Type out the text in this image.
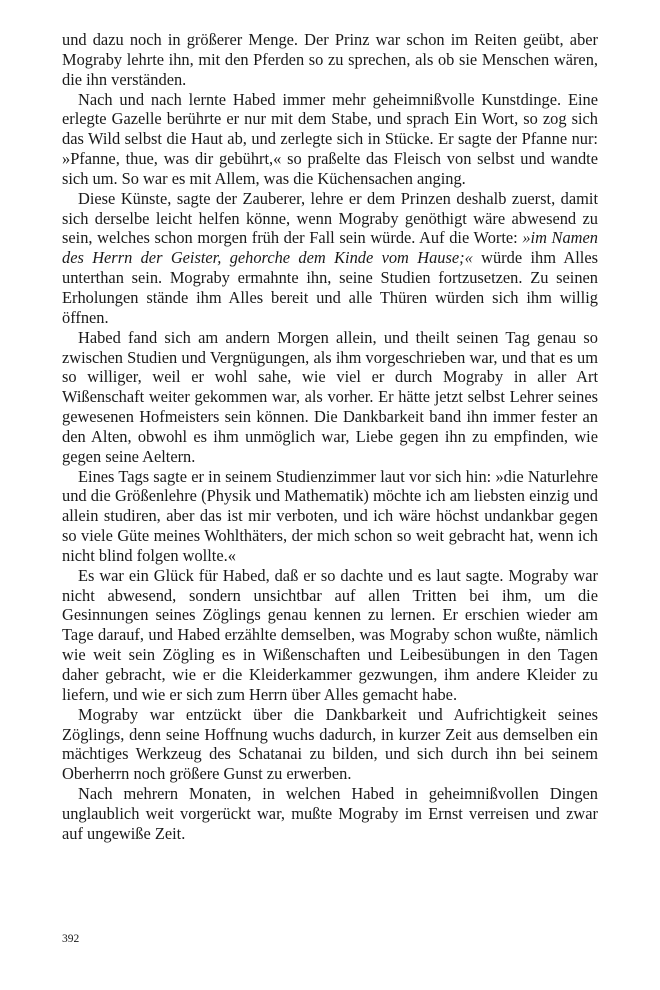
und dazu noch in größerer Menge. Der Prinz war schon im Reiten geübt, aber Mograby lehrte ihn, mit den Pferden so zu sprechen, als ob sie Menschen wären, die ihn verständen.

Nach und nach lernte Habed immer mehr geheimnißvolle Kunstdinge. Eine erlegte Gazelle berührte er nur mit dem Stabe, und sprach Ein Wort, so zog sich das Wild selbst die Haut ab, und zerlegte sich in Stücke. Er sagte der Pfanne nur: »Pfanne, thue, was dir gebührt,« so praßelte das Fleisch von selbst und wandte sich um. So war es mit Allem, was die Küchensachen anging.

Diese Künste, sagte der Zauberer, lehre er dem Prinzen deshalb zuerst, damit sich derselbe leicht helfen könne, wenn Mograby genöthigt wäre abwesend zu sein, welches schon morgen früh der Fall sein würde. Auf die Worte: »im Namen des Herrn der Geister, gehorche dem Kinde vom Hause;« würde ihm Alles unterthan sein. Mograby ermahnte ihn, seine Studien fortzusetzen. Zu seinen Erholungen stände ihm Alles bereit und alle Thüren würden sich ihm willig öffnen.

Habed fand sich am andern Morgen allein, und theilt seinen Tag genau so zwischen Studien und Vergnügungen, als ihm vorgeschrieben war, und that es um so williger, weil er wohl sahe, wie viel er durch Mograby in aller Art Wißenschaft weiter gekommen war, als vorher. Er hätte jetzt selbst Lehrer seines gewesenen Hofmeisters sein können. Die Dankbarkeit band ihn immer fester an den Alten, obwohl es ihm unmöglich war, Liebe gegen ihn zu empfinden, wie gegen seine Aeltern.

Eines Tags sagte er in seinem Studienzimmer laut vor sich hin: »die Naturlehre und die Größenlehre (Physik und Mathematik) möchte ich am liebsten einzig und allein studiren, aber das ist mir verboten, und ich wäre höchst undankbar gegen so viele Güte meines Wohlthäters, der mich schon so weit gebracht hat, wenn ich nicht blind folgen wollte.«

Es war ein Glück für Habed, daß er so dachte und es laut sagte. Mograby war nicht abwesend, sondern unsichtbar auf allen Tritten bei ihm, um die Gesinnungen seines Zöglings genau kennen zu lernen. Er erschien wieder am Tage darauf, und Habed erzählte demselben, was Mograby schon wußte, nämlich wie weit sein Zögling es in Wißenschaften und Leibesübungen in den Tagen daher gebracht, wie er die Kleiderkammer gezwungen, ihm andere Kleider zu liefern, und wie er sich zum Herrn über Alles gemacht habe.

Mograby war entzückt über die Dankbarkeit und Aufrichtigkeit seines Zöglings, denn seine Hoffnung wuchs dadurch, in kurzer Zeit aus demselben ein mächtiges Werkzeug des Schatanai zu bilden, und sich durch ihn bei seinem Oberherrn noch größere Gunst zu erwerben.

Nach mehrern Monaten, in welchen Habed in geheimnißvollen Dingen unglaublich weit vorgerückt war, mußte Mograby im Ernst verreisen und zwar auf ungewiße Zeit.

392
